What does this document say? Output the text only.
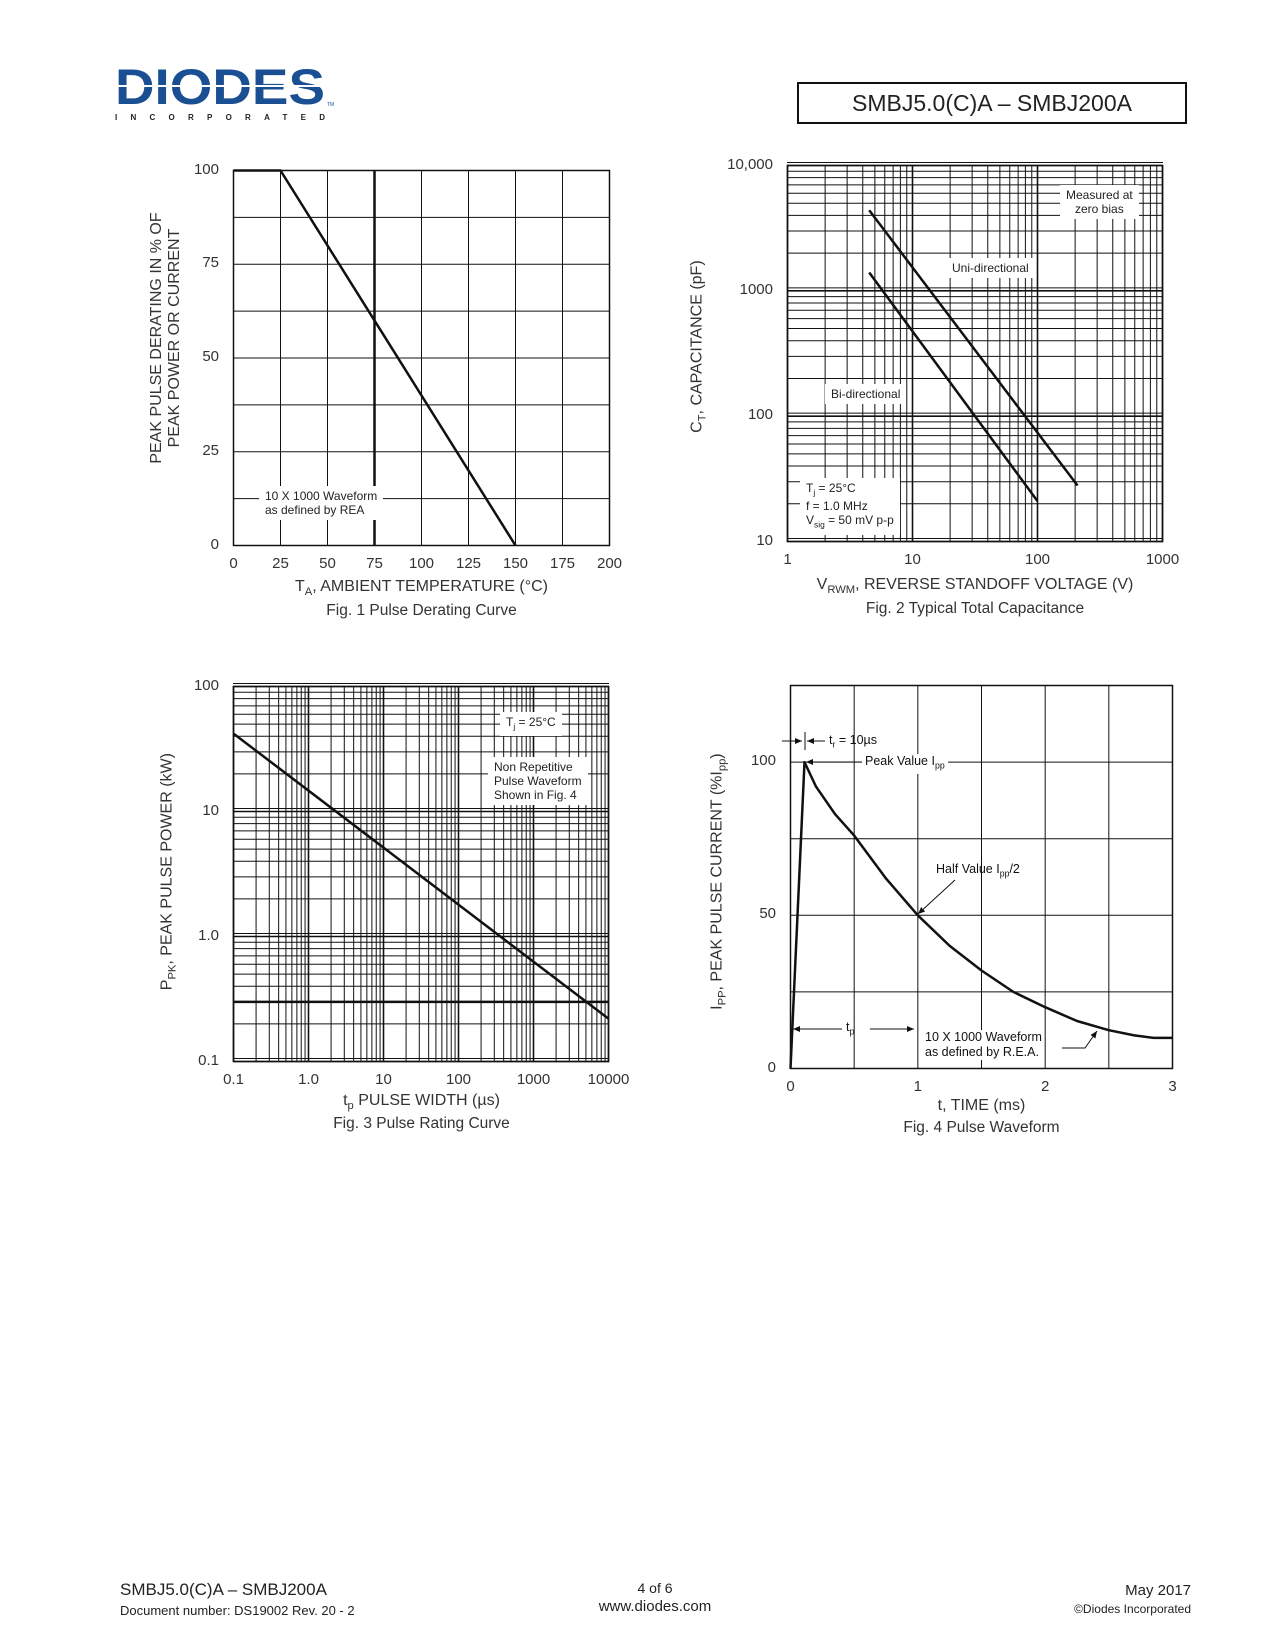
DIODES TM
INCORPORATED
SMBJ5.0(C)A – SMBJ200A
PEAK PULSE DERATING IN % OF PEAK POWER OR CURRENT
$T_A$, AMBIENT TEMPERATURE (°C)
Fig. 1 Pulse Derating Curve
10 X 1000 Waveform
as defined by REA
$C_T$, CAPACITANCE (pF)
$V_{RWM}$, REVERSE STANDOFF VOLTAGE (V)
Fig. 2 Typical Total Capacitance
Measured at
zero bias
Uni-directional
Bi-directional
$T_j = 25^\circ C$
f = 1.0 MHz
$V_{sig} = 50$ mV p-p
$P_{PK}$, PEAK PULSE POWER (kW)
$t_p$ PULSE WIDTH (µs)
Fig. 3 Pulse Rating Curve
$T_j = 25^\circ C$
Non Repetitive
Pulse Waveform
Shown in Fig. 4
$I_{PP}$, PEAK PULSE CURRENT $(\%I_{pp})$
t, TIME (ms)
Fig. 4 Pulse Waveform
$t_r = 10\mu s$
Peak Value $I_{pp}$
Half Value $I_{pp}/2$
$t_p$	10 X 1000 Waveform
as defined by R.E.A.
SMBJ5.0(C)A – SMBJ200A
Document number: DS19002 Rev. 20 - 2
4 of 6
www.diodes.com
May 2017
©Diodes Incorporated
0
25
50
75
100
0	25	50	75	100	125	150	175	200
10
100
1000
10,000
1	10	100	1000
0.1
1.0
10
100
0.1	1.0	10	100	1000	10000
0
50
100
0	1	2	3
